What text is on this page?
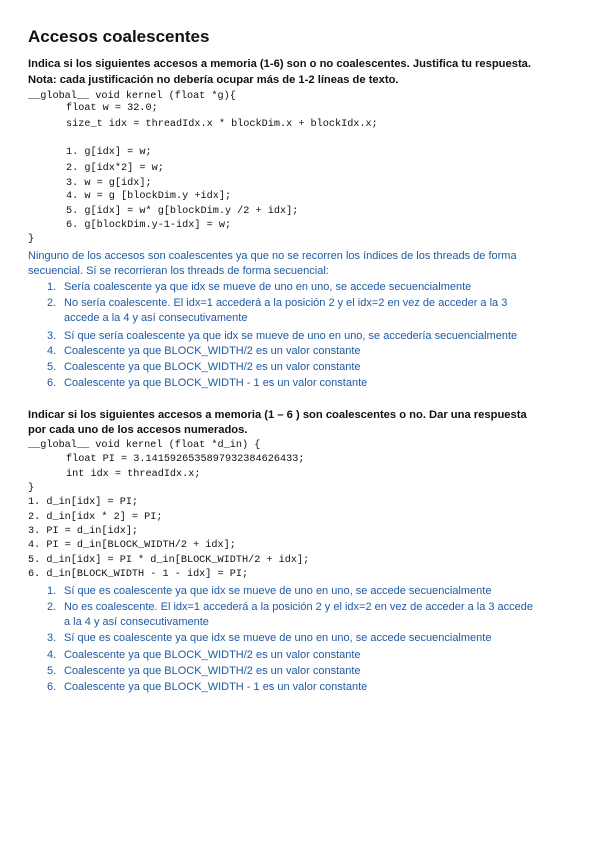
Accesos coalescentes
Indica si los siguientes accesos a memoria (1-6) son o no coalescentes. Justifica tu respuesta.
Nota: cada justificación no debería ocupar más de 1-2 líneas de texto.
__global__ void kernel (float *g){
float w = 32.0;
size_t idx = threadIdx.x * blockDim.x + blockIdx.x;
1. g[idx] = w;
2. g[idx*2] = w;
3. w = g[idx];
4. w = g [blockDim.y +idx];
5. g[idx] = w* g[blockDim.y /2 + idx];
6. g[blockDim.y-1-idx] = w;
}
Ninguno de los accesos son coalescentes ya que no se recorren los índices de los threads de forma
secuencial. Sí se recorrieran los threads de forma secuencial:
1. Sería coalescente ya que idx se mueve de uno en uno, se accede secuencialmente
2. No sería coalescente. El idx=1 accederá a la posición 2 y el idx=2 en vez de acceder a la 3
accede a la 4 y así consecutivamente
3. Sí que sería coalescente ya que idx se mueve de uno en uno, se accedería secuencialmente
4. Coalescente ya que BLOCK_WIDTH/2 es un valor constante
5. Coalescente ya que BLOCK_WIDTH/2 es un valor constante
6. Coalescente ya que BLOCK_WIDTH - 1 es un valor constante
Indicar si los siguientes accesos a memoria (1 – 6 ) son coalescentes o no. Dar una respuesta
por cada uno de los accesos numerados.
__global__ void kernel (float *d_in) {
float PI = 3.1415926535897932384626433;
int idx = threadIdx.x;
}
1. d_in[idx] = PI;
2. d_in[idx * 2] = PI;
3. PI = d_in[idx];
4. PI = d_in[BLOCK_WIDTH/2 + idx];
5. d_in[idx] = PI * d_in[BLOCK_WIDTH/2 + idx];
6. d_in[BLOCK_WIDTH - 1 - idx] = PI;
1. Sí que es coalescente ya que idx se mueve de uno en uno, se accede secuencialmente
2. No es coalescente. El idx=1 accederá a la posición 2 y el idx=2 en vez de acceder a la 3 accede
a la 4 y así consecutivamente
3. Sí que es coalescente ya que idx se mueve de uno en uno, se accede secuencialmente
4. Coalescente ya que BLOCK_WIDTH/2 es un valor constante
5. Coalescente ya que BLOCK_WIDTH/2 es un valor constante
6. Coalescente ya que BLOCK_WIDTH - 1 es un valor constante
